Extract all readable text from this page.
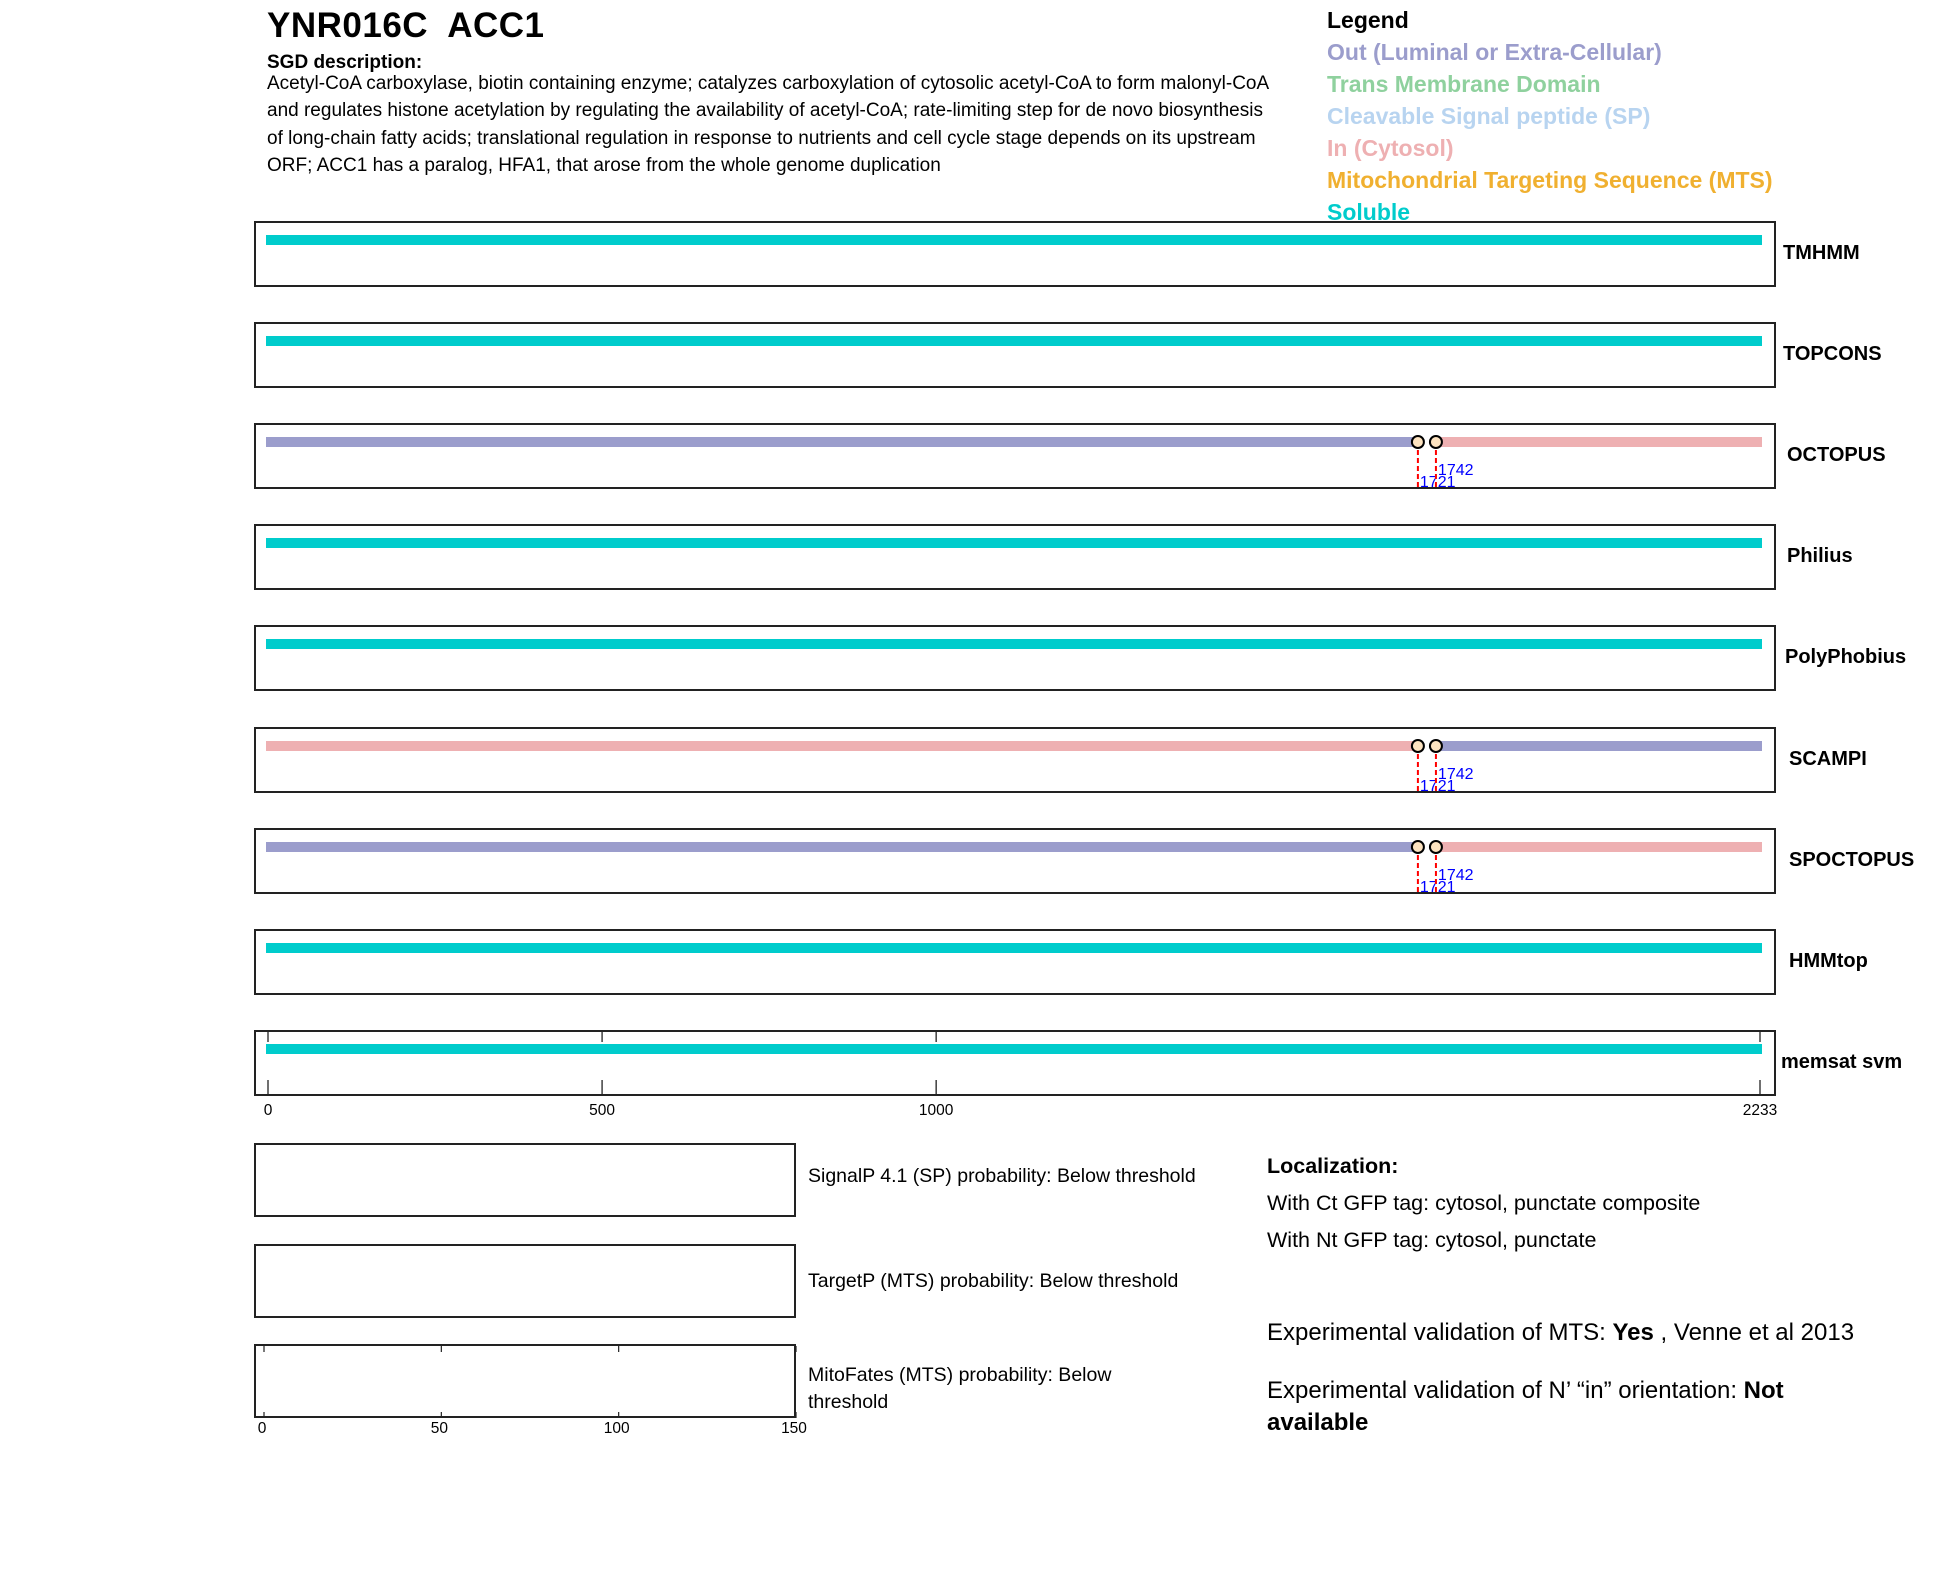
YNR016C  ACC1
SGD description:
Acetyl-CoA carboxylase, biotin containing enzyme; catalyzes carboxylation of cytosolic acetyl-CoA to form malonyl-CoA and regulates histone acetylation by regulating the availability of acetyl-CoA; rate-limiting step for de novo biosynthesis of long-chain fatty acids; translational regulation in response to nutrients and cell cycle stage depends on its upstream ORF; ACC1 has a paralog, HFA1, that arose from the whole genome duplication
Legend
Out (Luminal or Extra-Cellular)
Trans Membrane Domain
Cleavable Signal peptide (SP)
In (Cytosol)
Mitochondrial Targeting Sequence (MTS)
Soluble
TMHMM
TOPCONS
1721
1742
OCTOPUS
Philius
PolyPhobius
1721
1742
SCAMPI
1721
1742
SPOCTOPUS
HMMtop
memsat svm
0	500	1000	2233
SignalP 4.1 (SP) probability: Below threshold
TargetP (MTS) probability: Below threshold
MitoFates (MTS) probability: Below threshold
0	50	100	150
Localization:
With Ct GFP tag: cytosol, punctate composite
With Nt GFP tag: cytosol, punctate
Experimental validation of MTS: Yes , Venne et al 2013
Experimental validation of N’ “in” orientation: Not available
